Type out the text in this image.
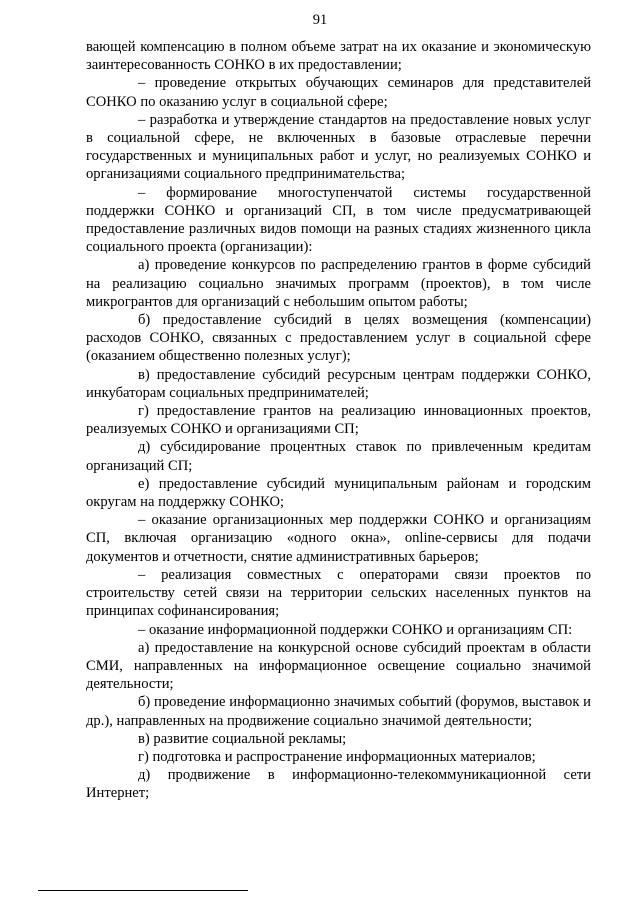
91

вающей компенсацию в полном объеме затрат на их оказание и экономическую заинтересованность СОНКО в их предоставлении;

– проведение открытых обучающих семинаров для представителей СОНКО по оказанию услуг в социальной сфере;

– разработка и утверждение стандартов на предоставление новых услуг в социальной сфере, не включенных в базовые отраслевые перечни государственных и муниципальных работ и услуг, но реализуемых СОНКО и организациями социального предпринимательства;

– формирование многоступенчатой системы государственной поддержки СОНКО и организаций СП, в том числе предусматривающей предоставление различных видов помощи на разных стадиях жизненного цикла социального проекта (организации):

а) проведение конкурсов по распределению грантов в форме субсидий на реализацию социально значимых программ (проектов), в том числе микрогрантов для организаций с небольшим опытом работы;

б) предоставление субсидий в целях возмещения (компенсации) расходов СОНКО, связанных с предоставлением услуг в социальной сфере (оказанием общественно полезных услуг);

в) предоставление субсидий ресурсным центрам поддержки СОНКО, инкубаторам социальных предпринимателей;

г) предоставление грантов на реализацию инновационных проектов, реализуемых СОНКО и организациями СП;

д) субсидирование процентных ставок по привлеченным кредитам организаций СП;

е) предоставление субсидий муниципальным районам и городским округам на поддержку СОНКО;

– оказание организационных мер поддержки СОНКО и организациям СП, включая организацию «одного окна», online-сервисы для подачи документов и отчетности, снятие административных барьеров;

– реализация совместных с операторами связи проектов по строительству сетей связи на территории сельских населенных пунктов на принципах софинансирования;

– оказание информационной поддержки СОНКО и организациям СП:

а) предоставление на конкурсной основе субсидий проектам в области СМИ, направленных на информационное освещение социально значимой деятельности;

б) проведение информационно значимых событий (форумов, выставок и др.), направленных на продвижение социально значимой деятельности;

в) развитие социальной рекламы;

г) подготовка и распространение информационных материалов;

д) продвижение в информационно-телекоммуникационной сети Интернет;
